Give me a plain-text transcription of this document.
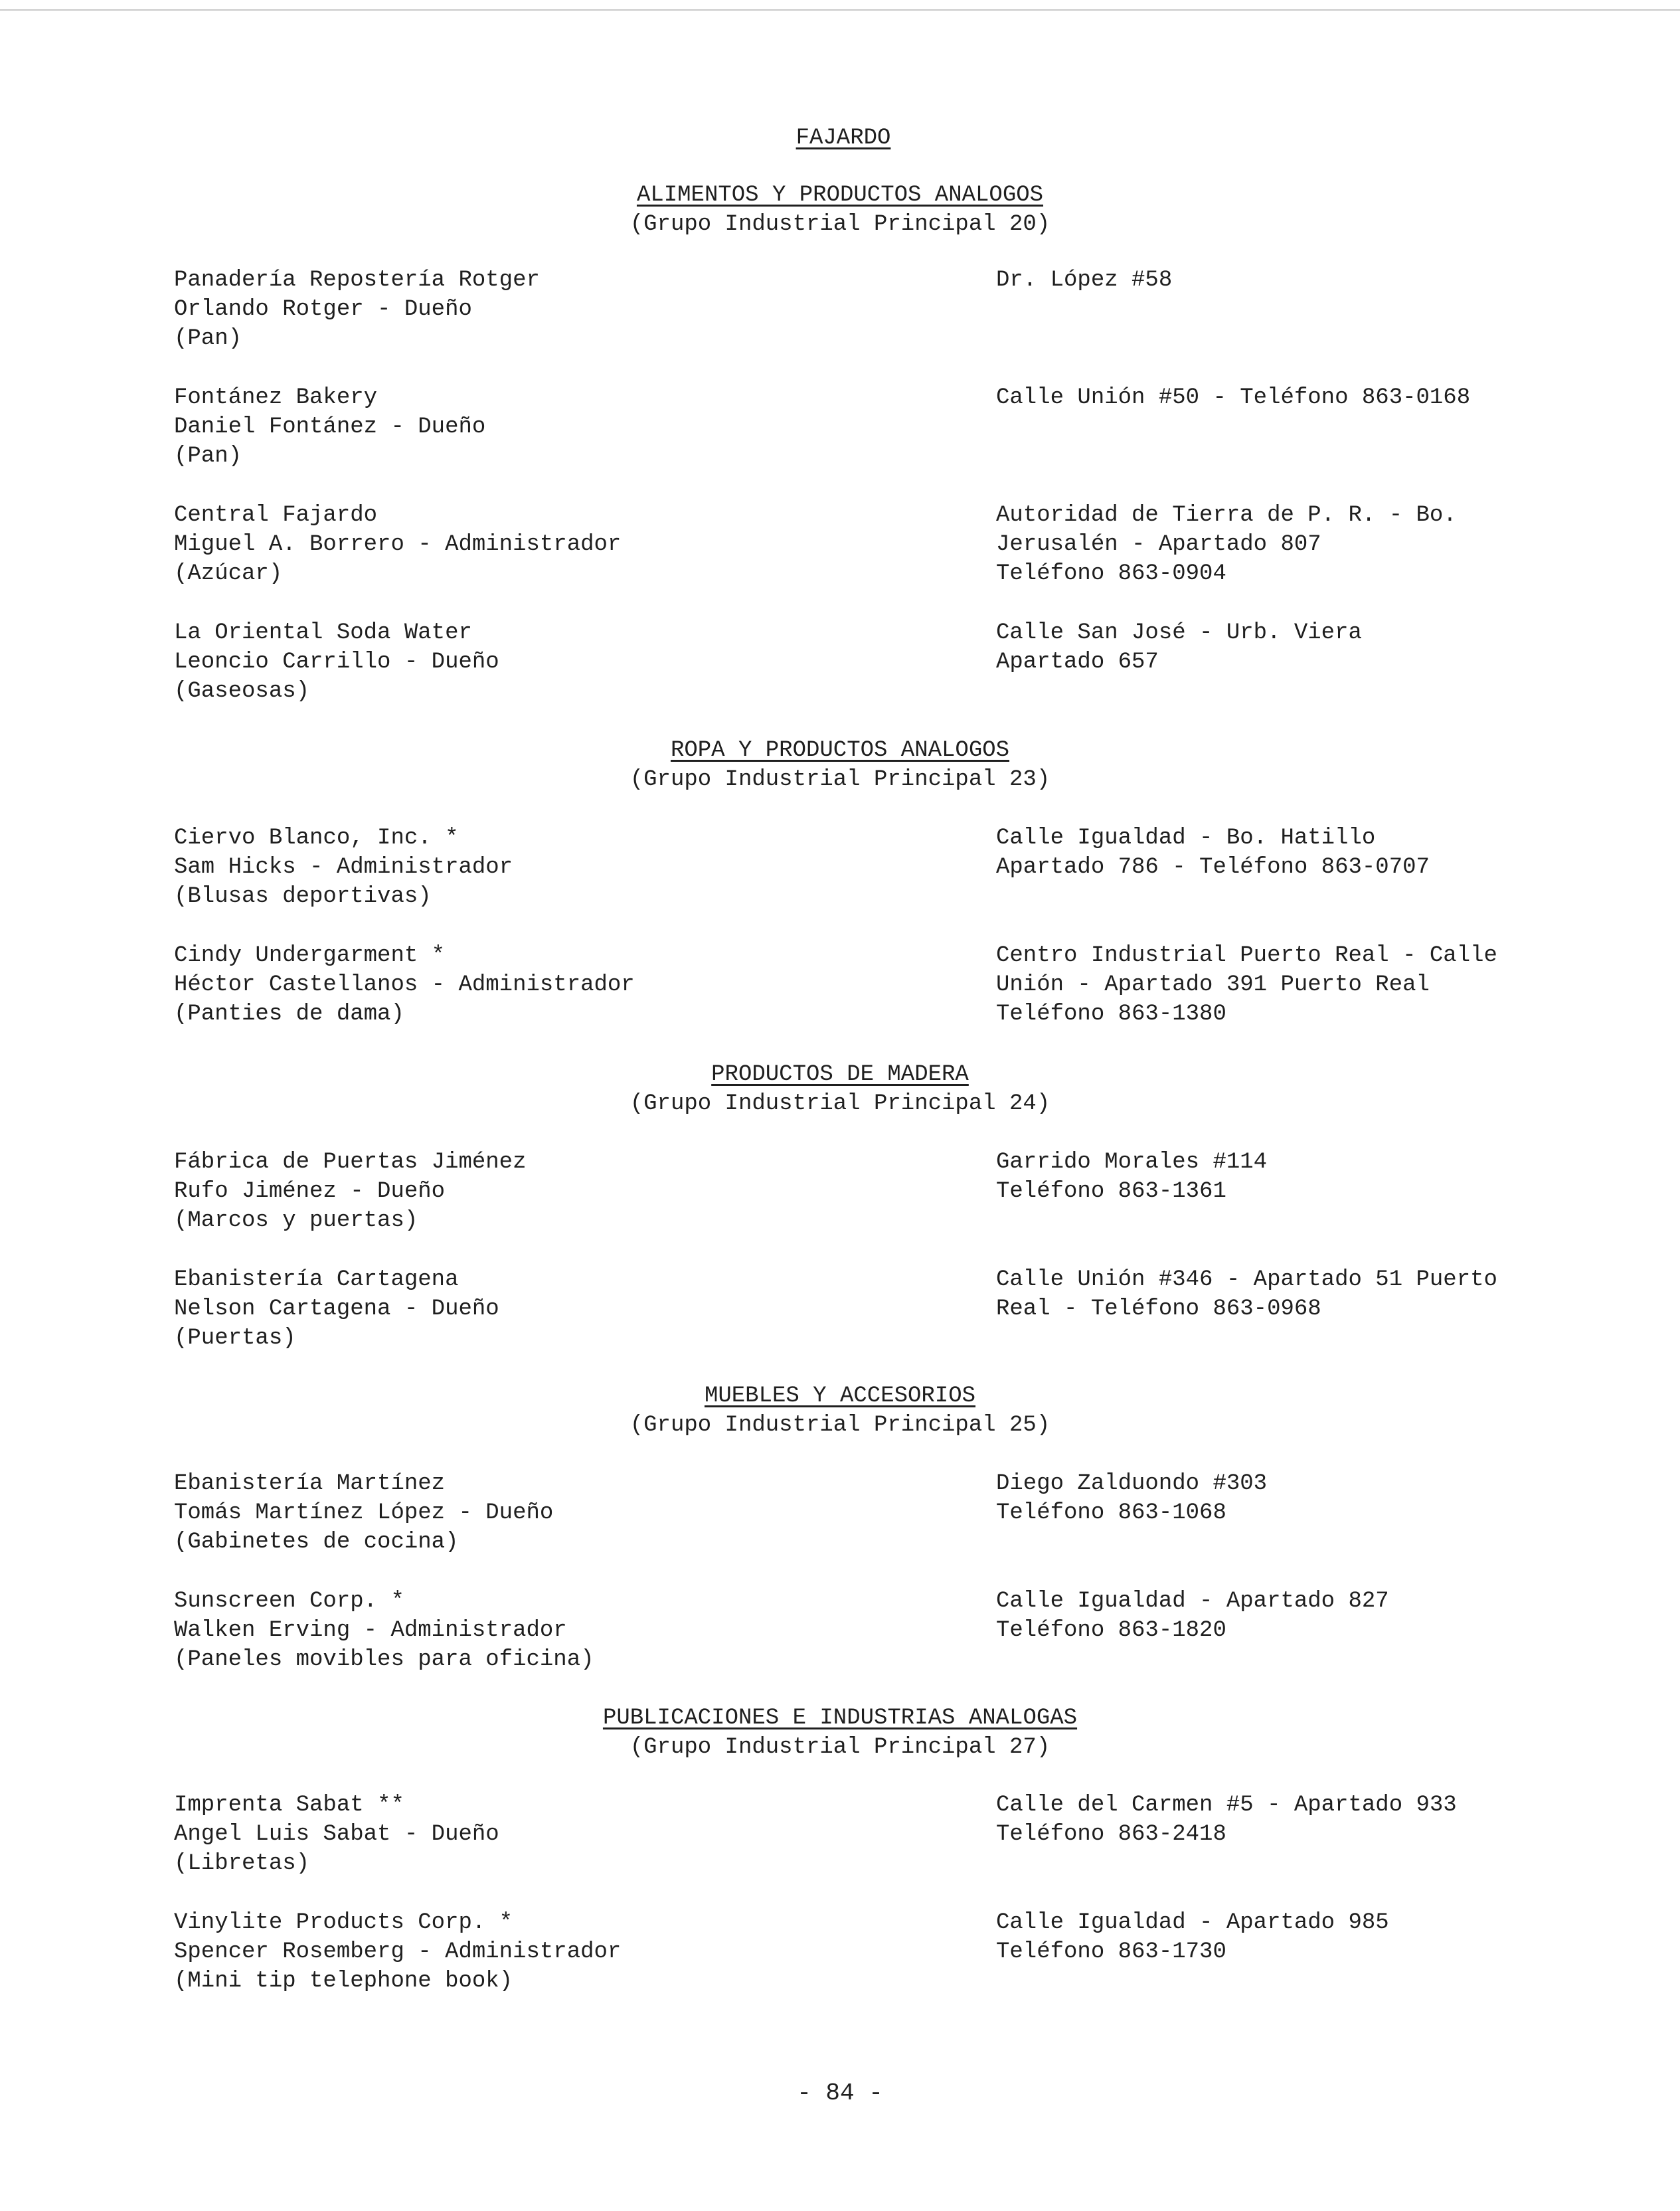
FAJARDO
ALIMENTOS Y PRODUCTOS ANALOGOS
(Grupo Industrial Principal 20)
Panadería Repostería Rotger
Orlando Rotger - Dueño
(Pan)
Dr. López #58
Fontánez Bakery
Daniel Fontánez - Dueño
(Pan)
Calle Unión #50 - Teléfono 863-0168
Central Fajardo
Miguel A. Borrero - Administrador
(Azúcar)
Autoridad de Tierra de P. R. - Bo.
Jerusalén - Apartado 807
Teléfono 863-0904
La Oriental Soda Water
Leoncio Carrillo - Dueño
(Gaseosas)
Calle San José - Urb. Viera
Apartado 657
ROPA Y PRODUCTOS ANALOGOS
(Grupo Industrial Principal 23)
Ciervo Blanco, Inc. *
Sam Hicks - Administrador
(Blusas deportivas)
Calle Igualdad - Bo. Hatillo
Apartado 786 - Teléfono 863-0707
Cindy Undergarment *
Héctor Castellanos - Administrador
(Panties de dama)
Centro Industrial Puerto Real - Calle
Unión - Apartado 391 Puerto Real
Teléfono 863-1380
PRODUCTOS DE MADERA
(Grupo Industrial Principal 24)
Fábrica de Puertas Jiménez
Rufo Jiménez - Dueño
(Marcos y puertas)
Garrido Morales #114
Teléfono 863-1361
Ebanistería Cartagena
Nelson Cartagena - Dueño
(Puertas)
Calle Unión #346 - Apartado 51 Puerto
Real - Teléfono 863-0968
MUEBLES Y ACCESORIOS
(Grupo Industrial Principal 25)
Ebanistería Martínez
Tomás Martínez López - Dueño
(Gabinetes de cocina)
Diego Zalduondo #303
Teléfono 863-1068
Sunscreen Corp. *
Walken Erving - Administrador
(Paneles movibles para oficina)
Calle Igualdad - Apartado 827
Teléfono 863-1820
PUBLICACIONES E INDUSTRIAS ANALOGAS
(Grupo Industrial Principal 27)
Imprenta Sabat **
Angel Luis Sabat - Dueño
(Libretas)
Calle del Carmen #5 - Apartado 933
Teléfono 863-2418
Vinylite Products Corp. *
Spencer Rosemberg - Administrador
(Mini tip telephone book)
Calle Igualdad - Apartado 985
Teléfono 863-1730
- 84 -
